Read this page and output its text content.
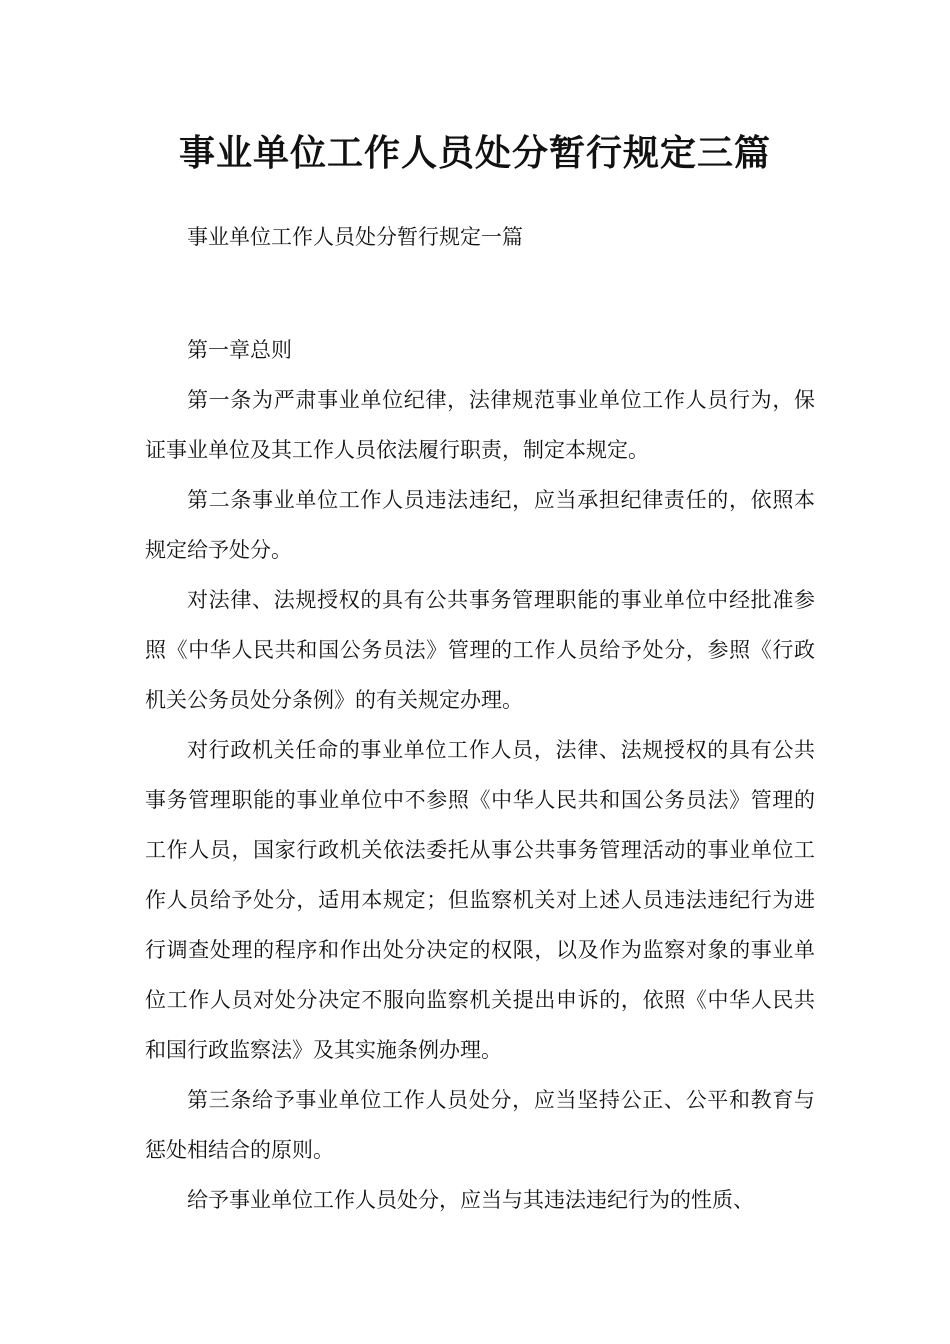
事业单位工作人员处分暂行规定三篇

事业单位工作人员处分暂行规定一篇

第一章总则

第一条为严肃事业单位纪律，法律规范事业单位工作人员行为，保证事业单位及其工作人员依法履行职责，制定本规定。

第二条事业单位工作人员违法违纪，应当承担纪律责任的，依照本规定给予处分。

对法律、法规授权的具有公共事务管理职能的事业单位中经批准参照《中华人民共和国公务员法》管理的工作人员给予处分，参照《行政机关公务员处分条例》的有关规定办理。

对行政机关任命的事业单位工作人员，法律、法规授权的具有公共事务管理职能的事业单位中不参照《中华人民共和国公务员法》管理的工作人员，国家行政机关依法委托从事公共事务管理活动的事业单位工作人员给予处分，适用本规定；但监察机关对上述人员违法违纪行为进行调查处理的程序和作出处分决定的权限，以及作为监察对象的事业单位工作人员对处分决定不服向监察机关提出申诉的，依照《中华人民共和国行政监察法》及其实施条例办理。

第三条给予事业单位工作人员处分，应当坚持公正、公平和教育与惩处相结合的原则。

给予事业单位工作人员处分，应当与其违法违纪行为的性质、
